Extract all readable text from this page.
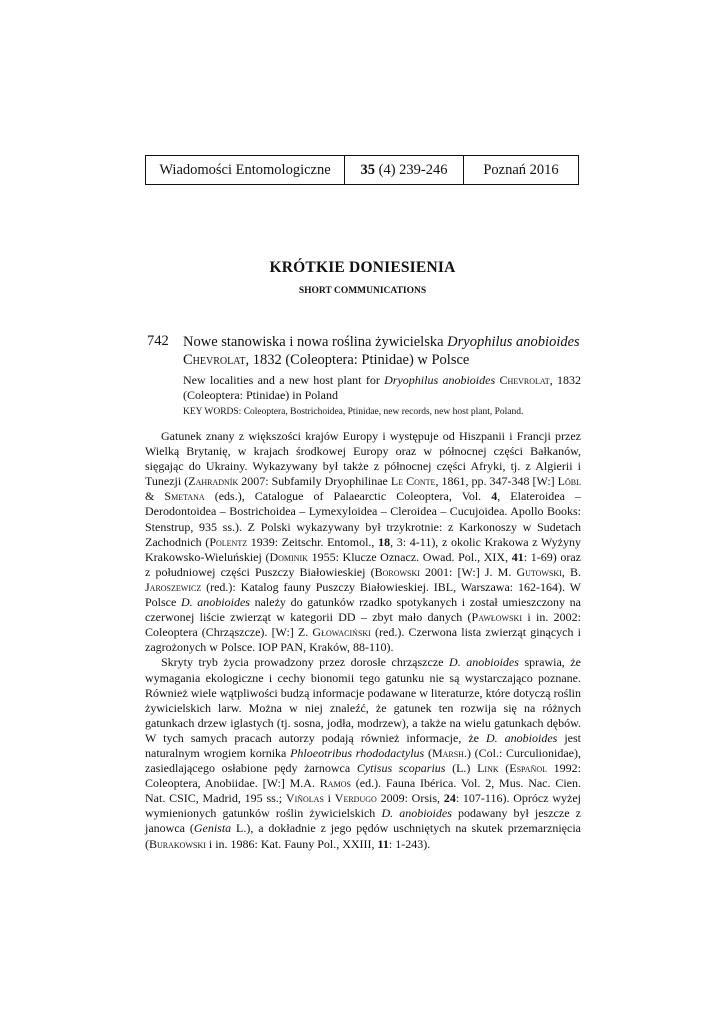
Wiadomości Entomologiczne	35
(4) 239-246	Poznań 2016
KRÓTKIE DONIESIENIA
SHORT COMMUNICATIONS
742 Nowe stanowiska i nowa roślina żywicielska Dryophilus anobioides
Chevrolat, 1832 (Coleoptera: Ptinidae) w Polsce
New localities and a new host plant for Dryophilus anobioides Chevrolat, 1832 (Coleoptera: Ptinidae) in Poland
KEY WORDS: Coleoptera, Bostrichoidea, Ptinidae, new records, new host plant, Poland.

Gatunek znany z większości krajów Europy i występuje od Hiszpanii i Francji przez Wielką Brytanię, w krajach środkowej Europy oraz w północnej części Bałkanów, sięgając do Ukrainy. Wykazywany był także z północnej części Afryki, tj. z Algierii i Tunezji (Zahradník 2007: Subfamily Dryophilinae Le Conte, 1861, pp. 347-348 [W:] Löbl & Smetana (eds.), Catalogue of Palaearctic Coleoptera, Vol. 4, Elateroidea – Derodontoidea – Bostrichoidea – Lymexyloidea – Cleroidea – Cucujoidea. Apollo Books: Stenstrup, 935 ss.). Z Polski wykazywany był trzykrotnie: z Karkonoszy w Sudetach Zachodnich (Polentz 1939: Zeitschr. Entomol., 18, 3: 4-11), z okolic Krakowa z Wyżyny Krakowsko-Wieluńskiej (Dominik 1955: Klucze Oznacz. Owad. Pol., XIX, 41: 1-69) oraz z południowej części Puszczy Białowieskiej (Borowski 2001: [W:] J. M. Gutowski, B. Jaroszewicz (red.): Katalog fauny Puszczy Białowieskiej. IBL, Warszawa: 162-164). W Polsce D. anobioides należy do gatunków rzadko spotykanych i został umieszczony na czerwonej liście zwierząt w kategorii DD – zbyt mało danych (Pawłowski i in. 2002: Coleoptera (Chrząszcze). [W:] Z. Głowaciński (red.). Czerwona lista zwierząt ginących i zagrożonych w Polsce. IOP PAN, Kraków, 88-110).

Skryty tryb życia prowadzony przez dorosłe chrząszcze D. anobioides sprawia, że wymagania ekologiczne i cechy bionomii tego gatunku nie są wystarczająco poznane. Również wiele wątpliwości budzą informacje podawane w literaturze, które dotyczą roślin żywicielskich larw. Można w niej znaleźć, że gatunek ten rozwija się na różnych gatunkach drzew iglastych (tj. sosna, jodła, modrzew), a także na wielu gatunkach dębów. W tych samych pracach autorzy podają również informacje, że D. anobioides jest naturalnym wrogiem kornika Phloeotribus rhododactylus (Marsh.) (Col.: Curculionidae), zasiedlającego osłabione pędy żarnowca Cytisus scoparius (L.) Link (Español 1992: Coleoptera, Anobiidae. [W:] M.A. Ramos (ed.). Fauna Ibérica. Vol. 2, Mus. Nac. Cien. Nat. CSIC, Madrid, 195 ss.; Viñolas i Verdugo 2009: Orsis, 24: 107-116). Oprócz wyżej wymienionych gatunków roślin żywicielskich D. anobioides podawany był jeszcze z janowca (Genista L.), a dokładnie z jego pędów uschniętych na skutek przemarznięcia (Burakowski i in. 1986: Kat. Fauny Pol., XXIII, 11: 1-243).
